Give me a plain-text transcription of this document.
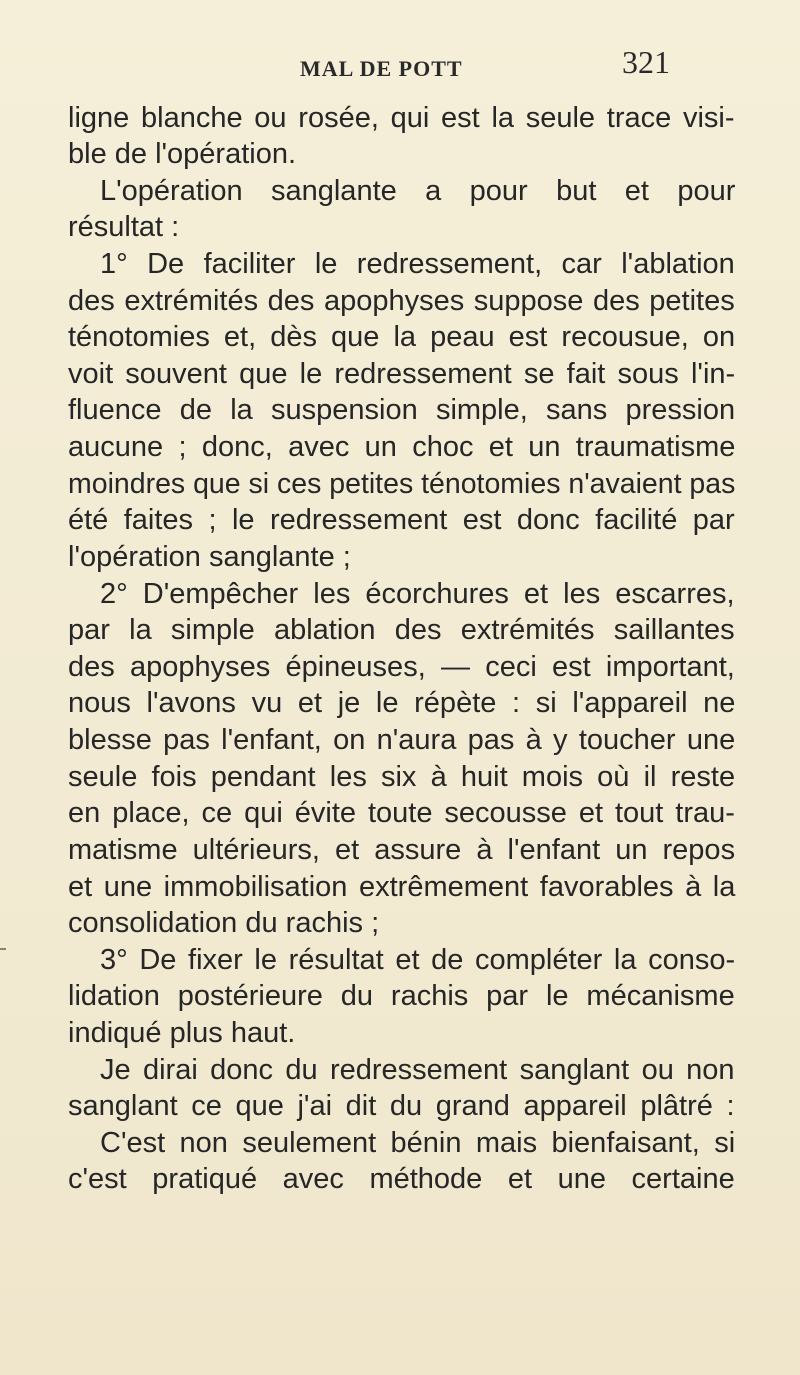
MAL DE POTT	321
ligne blanche ou rosée, qui est la seule trace visi-
ble de l'opération.
L'opération sanglante a pour but et pour
résultat :
1° De faciliter le redressement, car l'ablation
des extrémités des apophyses suppose des petites
ténotomies et, dès que la peau est recousue, on
voit souvent que le redressement se fait sous l'in-
fluence de la suspension simple, sans pression
aucune ; donc, avec un choc et un traumatisme
moindres que si ces petites ténotomies n'avaient pas
été faites ; le redressement est donc facilité par
l'opération sanglante ;
2° D'empêcher les écorchures et les escarres,
par la simple ablation des extrémités saillantes
des apophyses épineuses, — ceci est important,
nous l'avons vu et je le répète : si l'appareil ne
blesse pas l'enfant, on n'aura pas à y toucher une
seule fois pendant les six à huit mois où il reste
en place, ce qui évite toute secousse et tout trau-
matisme ultérieurs, et assure à l'enfant un repos
et une immobilisation extrêmement favorables à la
consolidation du rachis ;
3° De fixer le résultat et de compléter la conso-
lidation postérieure du rachis par le mécanisme
indiqué plus haut.
Je dirai donc du redressement sanglant ou non
sanglant ce que j'ai dit du grand appareil plâtré :
C'est non seulement bénin mais bienfaisant, si
c'est pratiqué avec méthode et une certaine
